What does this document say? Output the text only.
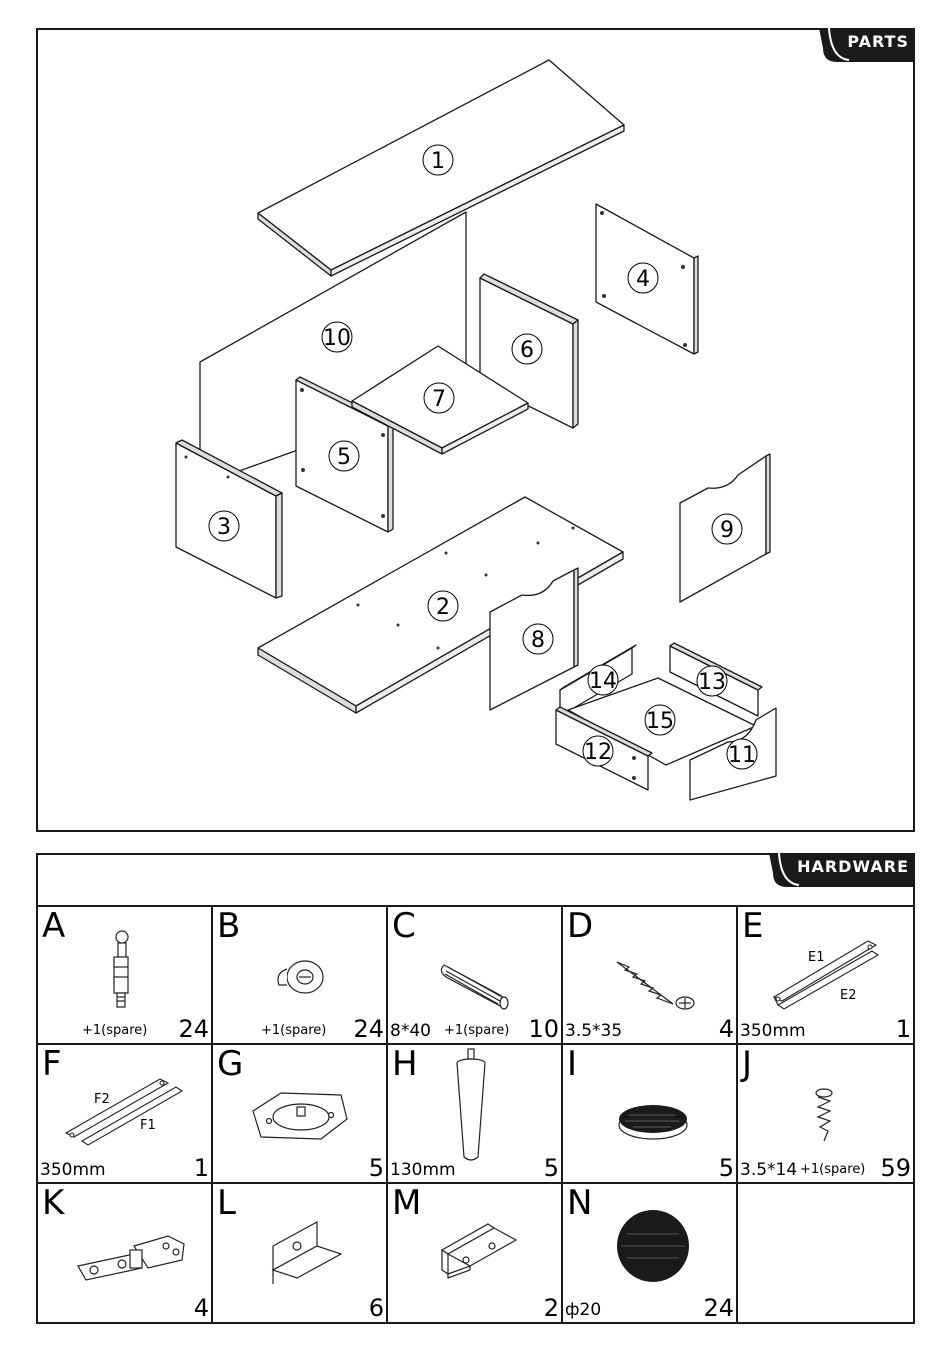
1
2
3
4
5
6
7
8
9
10
11
12
13
14
15
PARTS
HARDWARE
A
+1(spare) 24
B
+1(spare) 24
C
8*40 +1(spare) 10
D
3.5*35	4
E
E1
E2
350mm	1
F
F2
F1
350mm	1
G
5
H
130mm	5
I
5
J
3.5*14 +1(spare) 59
K
4
L
6
M
2
N
ф20	24
